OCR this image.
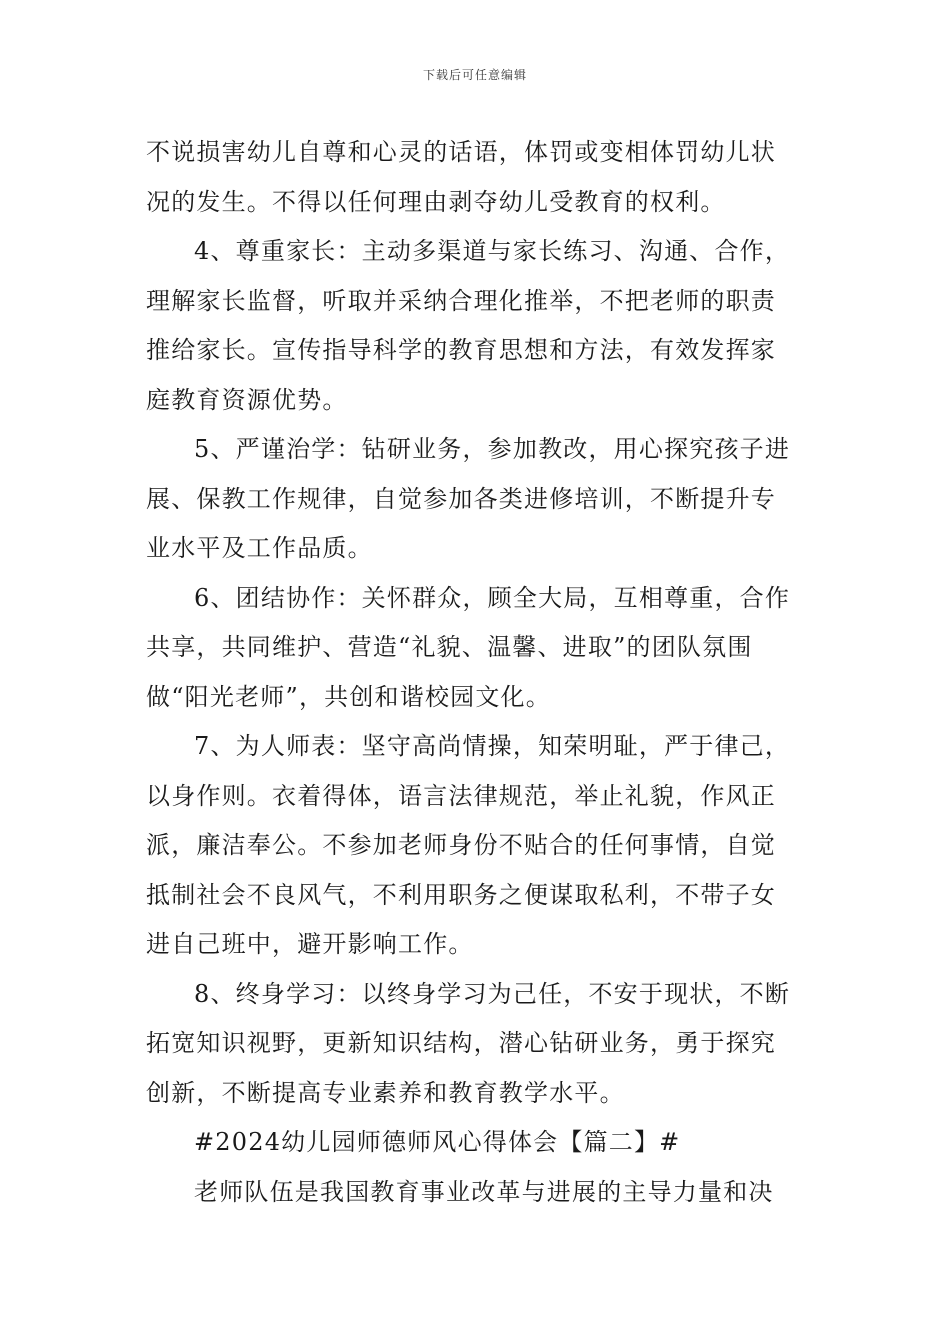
下载后可任意编辑
不说损害幼儿自尊和心灵的话语，体罚或变相体罚幼儿状
况的发生。不得以任何理由剥夺幼儿受教育的权利。
4、尊重家长：主动多渠道与家长练习、沟通、合作，
理解家长监督，听取并采纳合理化推举，不把老师的职责
推给家长。宣传指导科学的教育思想和方法，有效发挥家
庭教育资源优势。
5、严谨治学：钻研业务，参加教改，用心探究孩子进
展、保教工作规律，自觉参加各类进修培训，不断提升专
业水平及工作品质。
6、团结协作：关怀群众，顾全大局，互相尊重，合作
共享，共同维护、营造“礼貌、温馨、进取”的团队氛围
做“阳光老师”，共创和谐校园文化。
7、为人师表：坚守高尚情操，知荣明耻，严于律己，
以身作则。衣着得体，语言法律规范，举止礼貌，作风正
派，廉洁奉公。不参加老师身份不贴合的任何事情，自觉
抵制社会不良风气，不利用职务之便谋取私利，不带子女
进自己班中，避开影响工作。
8、终身学习：以终身学习为己任，不安于现状，不断
拓宽知识视野，更新知识结构，潜心钻研业务，勇于探究
创新，不断提高专业素养和教育教学水平。
#2024幼儿园师德师风心得体会【篇二】#
老师队伍是我国教育事业改革与进展的主导力量和决
